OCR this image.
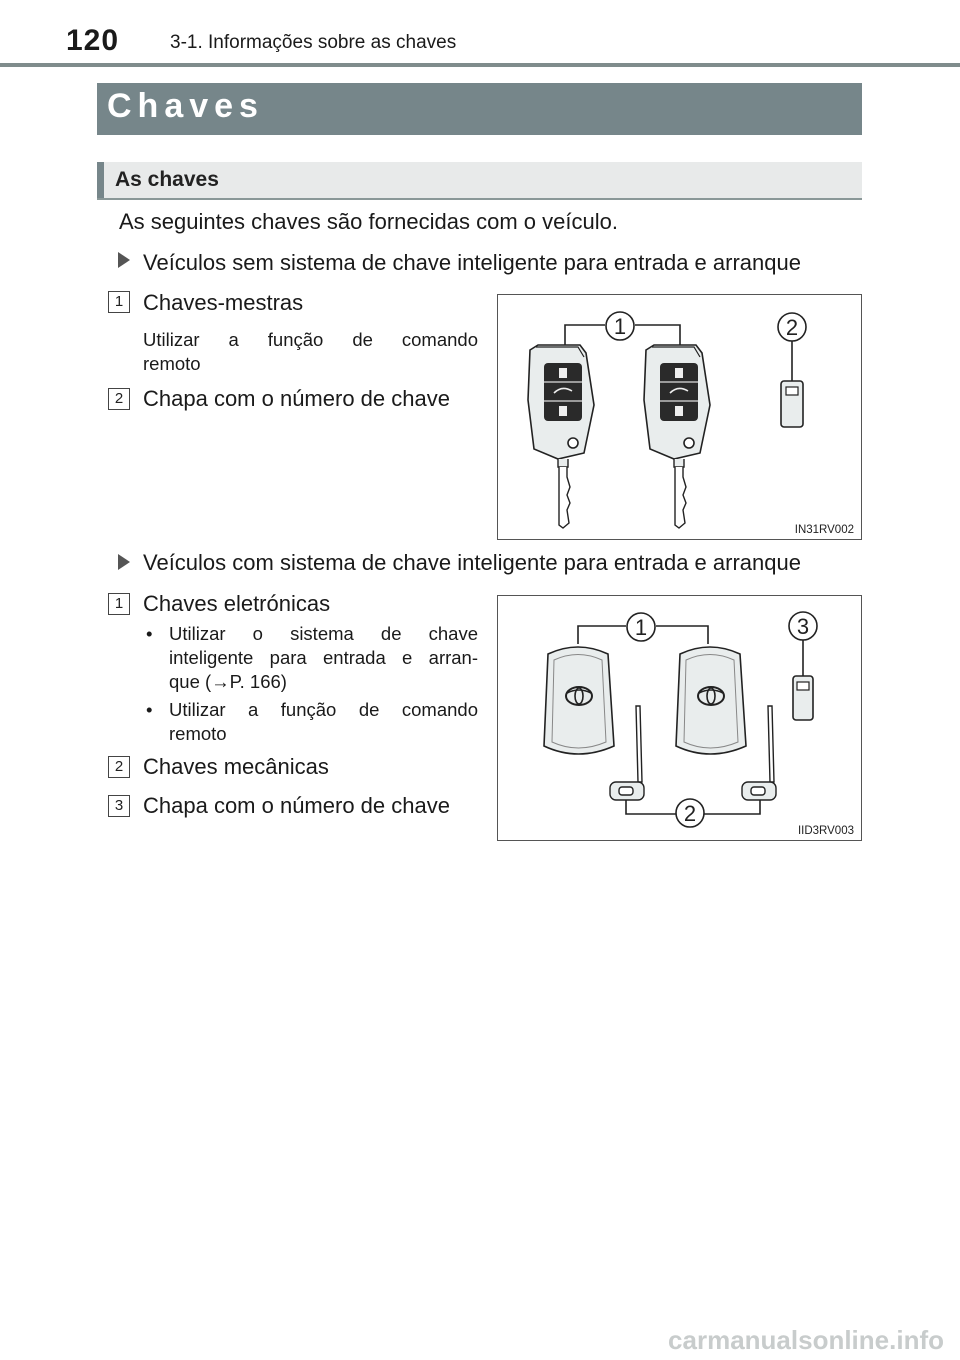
120	3-1. Informações sobre as chaves
Chaves
As chaves
As seguintes chaves são fornecidas com o veículo.
Veículos sem sistema de chave inteligente para entrada e arranque
1 Chaves-mestras
Utilizar a função de comando
remoto
2 Chapa com o número de chave
1	2
IN31RV002
Veículos com sistema de chave inteligente para entrada e arranque
1 Chaves eletrónicas
• Utilizar o sistema de chave
inteligente para entrada e arran-
que (→P. 166)
• Utilizar a função de comando
remoto
2 Chaves mecânicas
3 Chapa com o número de chave
1	3
2
IID3RV003
carmanualsonline.info
